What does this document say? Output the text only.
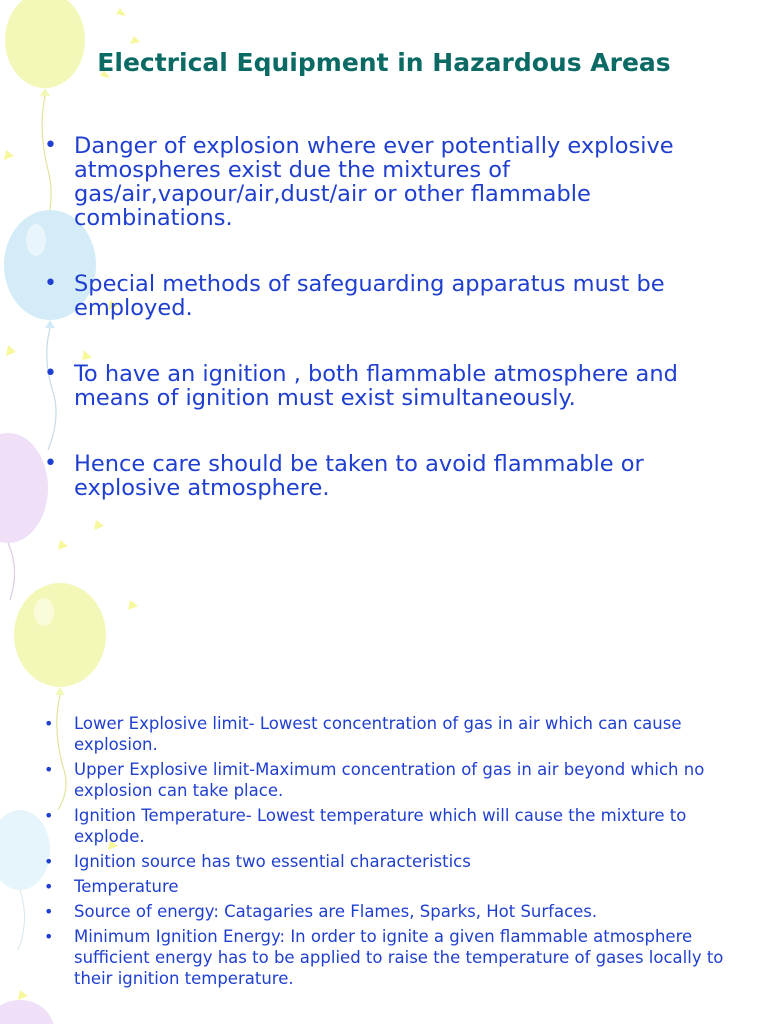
Electrical Equipment in Hazardous Areas
• Danger of explosion where ever potentially explosive atmospheres exist due the mixtures of gas/air,vapour/air,dust/air or other flammable combinations.
• Special methods of safeguarding apparatus must be employed.
• To have an ignition , both flammable atmosphere and means of ignition must exist simultaneously.
• Hence care should be taken to avoid flammable or explosive atmosphere.
• Lower Explosive limit- Lowest concentration of gas in air which can cause explosion.
• Upper Explosive limit-Maximum concentration of gas in air beyond which no explosion can take place.
• Ignition Temperature- Lowest temperature which will cause the mixture to explode.
• Ignition source has two essential characteristics
• Temperature
• Source of energy: Catagaries are Flames, Sparks, Hot Surfaces.
• Minimum Ignition Energy: In order to ignite a given flammable atmosphere sufficient energy has to be applied to raise the temperature of gases locally to their ignition temperature.
